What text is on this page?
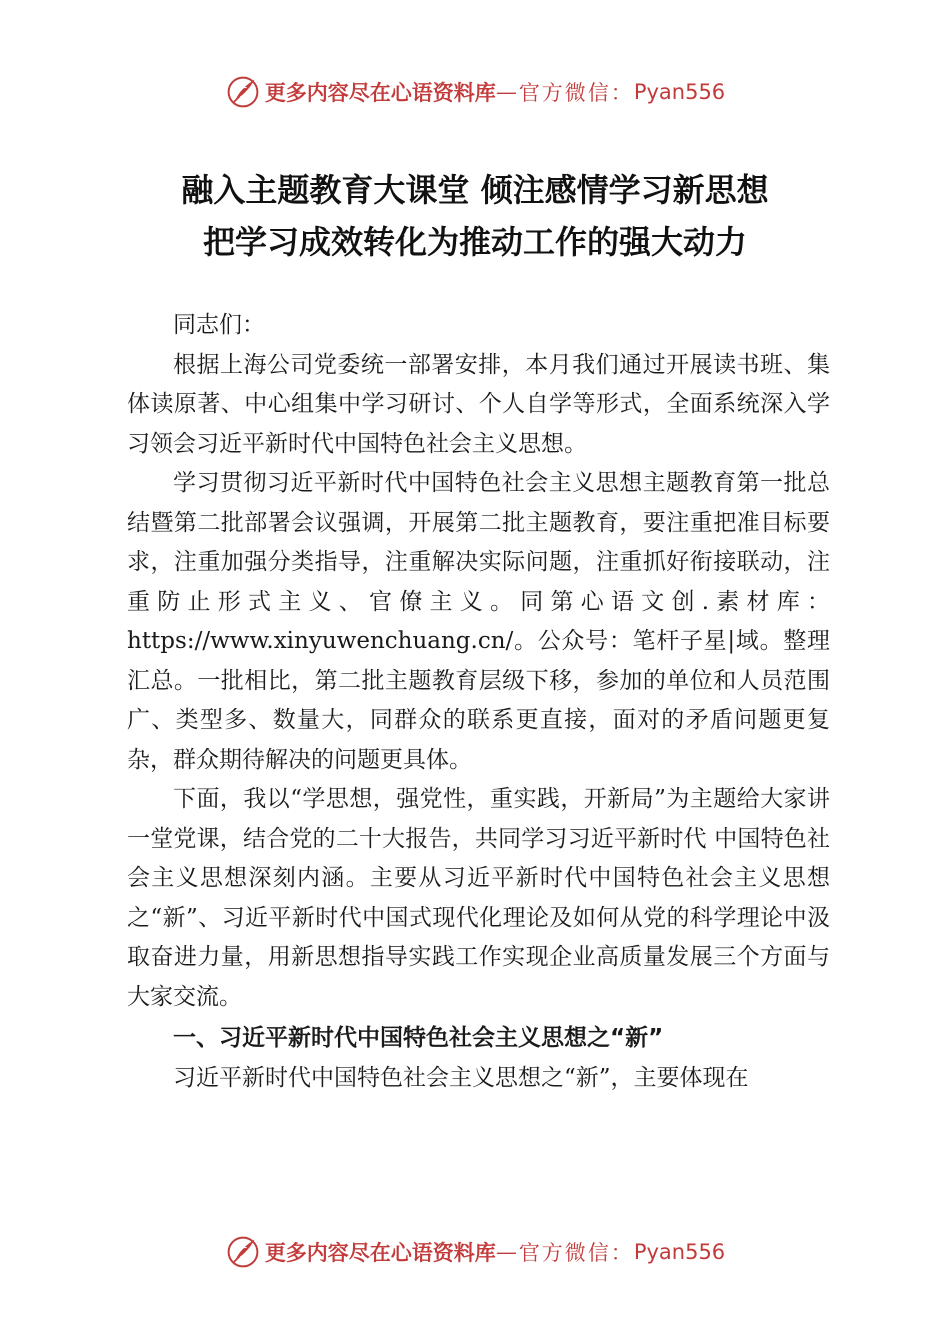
更多内容尽在心语资料库 — 官方微信： Pyan556
融入主题教育大课堂 倾注感情学习新思想
把学习成效转化为推动工作的强大动力

同志们：

根据上海公司党委统一部署安排，本月我们通过开展读书班、集体读原著、中心组集中学习研讨、个人自学等形式，全面系统深入学习领会习近平新时代中国特色社会主义思想。

学习贯彻习近平新时代中国特色社会主义思想主题教育第一批总结暨第二批部署会议强调，开展第二批主题教育，要注重把准目标要求，注重加强分类指导，注重解决实际问题，注重抓好衔接联动，注重防止形式主义、官僚主义。同第心语文创.素材库：https://www.xinyuwenchuang.cn/。公众号：笔杆子星|域。整理汇总。一批相比，第二批主题教育层级下移，参加的单位和人员范围广、类型多、数量大，同群众的联系更直接，面对的矛盾问题更复杂，群众期待解决的问题更具体。

下面，我以“学思想，强党性，重实践，开新局”为主题给大家讲一堂党课，结合党的二十大报告，共同学习习近平新时代 中国特色社会主义思想深刻内涵。主要从习近平新时代中国特色社会主义思想之“新”、习近平新时代中国式现代化理论及如何从党的科学理论中汲取奋进力量，用新思想指导实践工作实现企业高质量发展三个方面与大家交流。

一、习近平新时代中国特色社会主义思想之“新”

习近平新时代中国特色社会主义思想之“新”，主要体现在

更多内容尽在心语资料库 — 官方微信： Pyan556
